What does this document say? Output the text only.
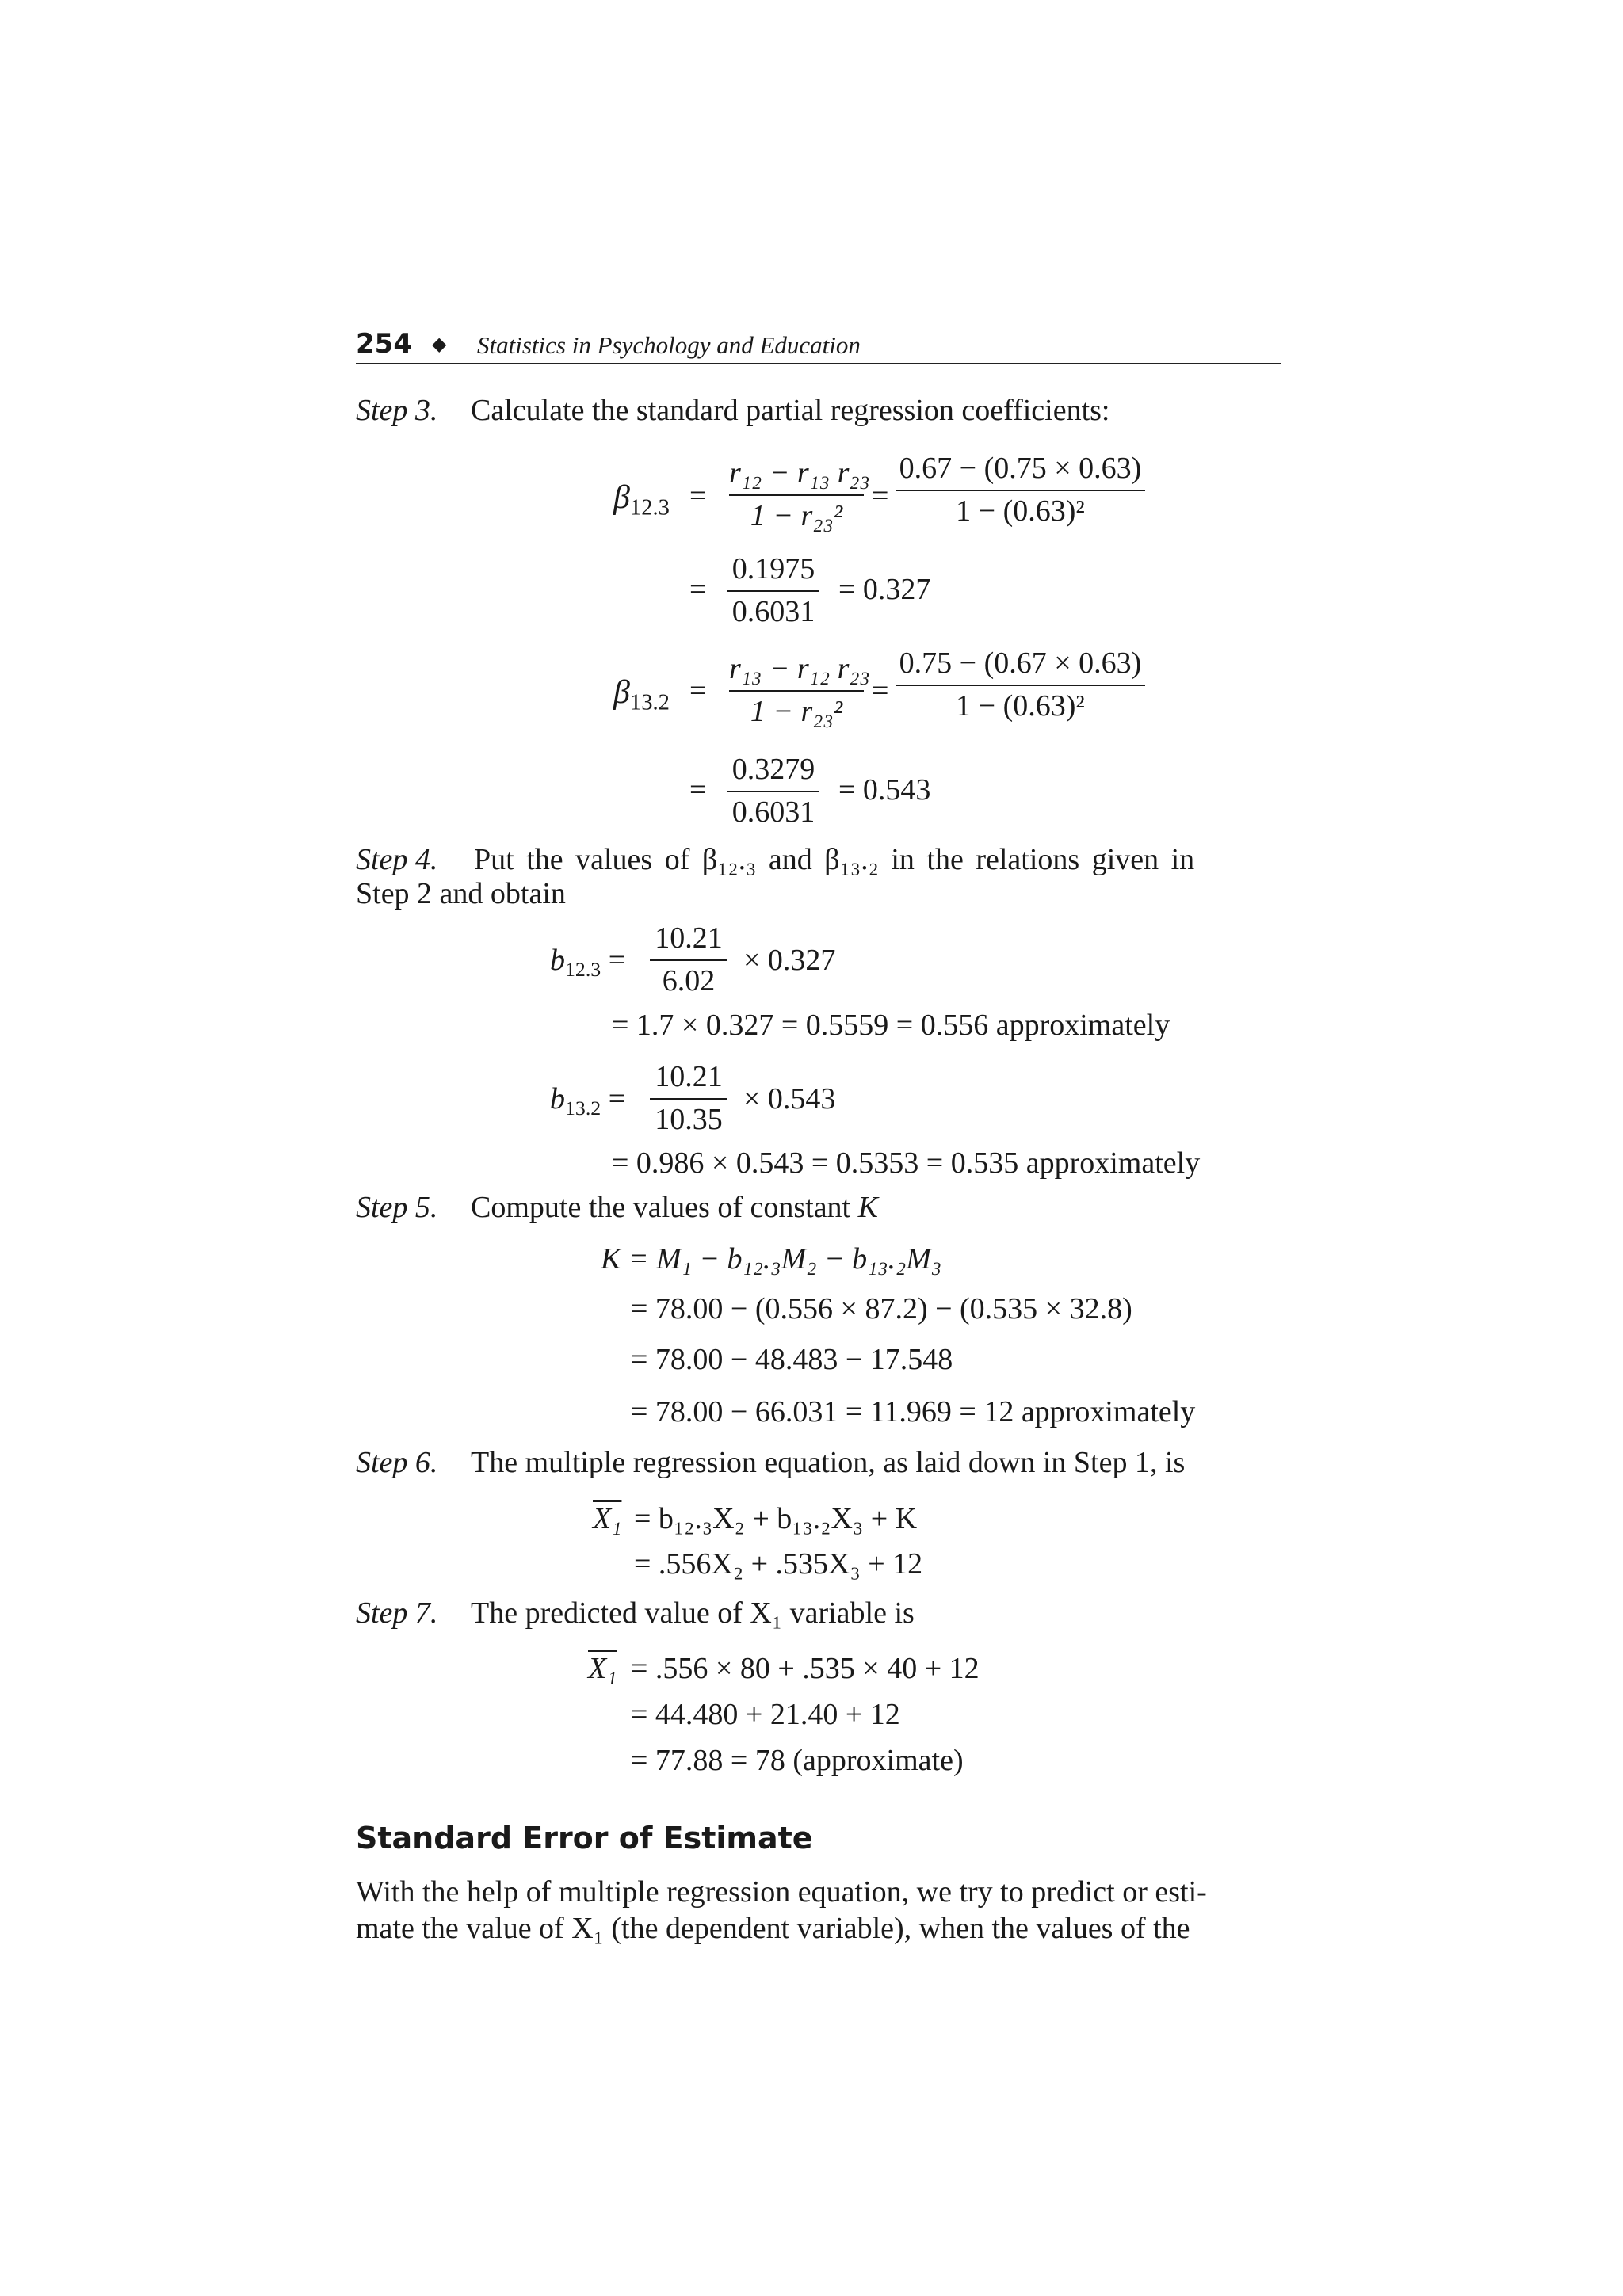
254 ◆ Statistics in Psychology and Education
Step 3. Calculate the standard partial regression coefficients:
$\beta_{12.3}$ =
r₁₂ − r₁₃ r₂₃
1 − r₂₃²
=
0.67 − (0.75 × 0.63)
1 − (0.63)²
=
0.1975
0.6031
= 0.327
$\beta_{13.2}$ =
r₁₃ − r₁₂ r₂₃
1 − r₂₃²
=
0.75 − (0.67 × 0.63)
1 − (0.63)²
=
0.3279
0.6031
= 0.543
Step 4. Put the values of β₁₂.₃ and β₁₃.₂ in the relations given in
Step 2 and obtain
$b_{12.3}$ =
10.21
6.02
× 0.327
= 1.7 × 0.327 = 0.5559 = 0.556 approximately
$b_{13.2}$ =
10.21
10.35
× 0.543
= 0.986 × 0.543 = 0.5353 = 0.535 approximately
Step 5. Compute the values of constant K
K = M₁ − b₁₂.₃M₂ − b₁₃.₂M₃
= 78.00 − (0.556 × 87.2) − (0.535 × 32.8)
= 78.00 − 48.483 − 17.548
= 78.00 − 66.031 = 11.969 = 12 approximately
Step 6. The multiple regression equation, as laid down in Step 1, is
X₁ = b₁₂.₃X₂ + b₁₃.₂X₃ + K
= .556X₂ + .535X₃ + 12
Step 7. The predicted value of X₁ variable is
X₁ = .556 × 80 + .535 × 40 + 12
= 44.480 + 21.40 + 12
= 77.88 = 78 (approximate)
Standard Error of Estimate
With the help of multiple regression equation, we try to predict or esti-
mate the value of X₁ (the dependent variable), when the values of the
